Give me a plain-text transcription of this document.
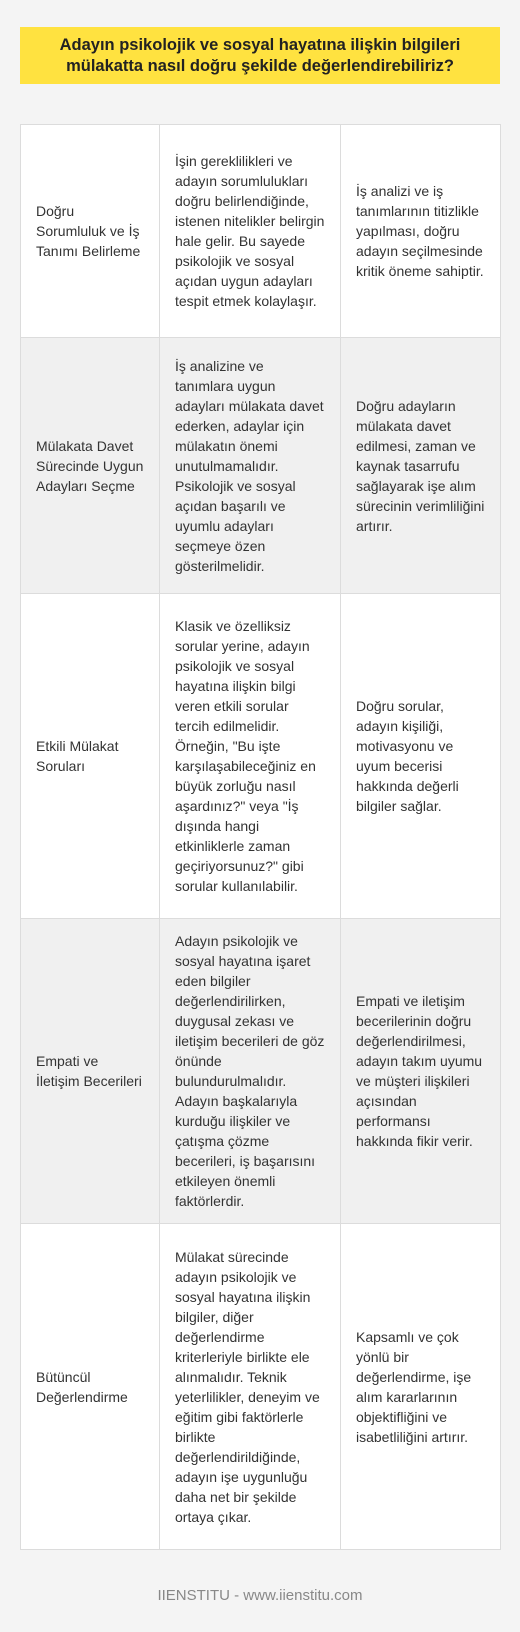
Adayın psikolojik ve sosyal hayatına ilişkin bilgileri mülakatta nasıl doğru şekilde değerlendirebiliriz?
Doğru Sorumluluk ve İş Tanımı Belirleme	İşin gereklilikleri ve adayın sorumlulukları doğru belirlendiğinde, istenen nitelikler belirgin hale gelir. Bu sayede psikolojik ve sosyal açıdan uygun adayları tespit etmek kolaylaşır.	İş analizi ve iş tanımlarının titizlikle yapılması, doğru adayın seçilmesinde kritik öneme sahiptir.
Mülakata Davet Sürecinde Uygun Adayları Seçme	İş analizine ve tanımlara uygun adayları mülakata davet ederken, adaylar için mülakatın önemi unutulmamalıdır. Psikolojik ve sosyal açıdan başarılı ve uyumlu adayları seçmeye özen gösterilmelidir.	Doğru adayların mülakata davet edilmesi, zaman ve kaynak tasarrufu sağlayarak işe alım sürecinin verimliliğini artırır.
Etkili Mülakat Soruları	Klasik ve özelliksiz sorular yerine, adayın psikolojik ve sosyal hayatına ilişkin bilgi veren etkili sorular tercih edilmelidir. Örneğin, "Bu işte karşılaşabileceğiniz en büyük zorluğu nasıl aşardınız?" veya "İş dışında hangi etkinliklerle zaman geçiriyorsunuz?" gibi sorular kullanılabilir.	Doğru sorular, adayın kişiliği, motivasyonu ve uyum becerisi hakkında değerli bilgiler sağlar.
Empati ve İletişim Becerileri	Adayın psikolojik ve sosyal hayatına işaret eden bilgiler değerlendirilirken, duygusal zekası ve iletişim becerileri de göz önünde bulundurulmalıdır. Adayın başkalarıyla kurduğu ilişkiler ve çatışma çözme becerileri, iş başarısını etkileyen önemli faktörlerdir.	Empati ve iletişim becerilerinin doğru değerlendirilmesi, adayın takım uyumu ve müşteri ilişkileri açısından performansı hakkında fikir verir.
Bütüncül Değerlendirme	Mülakat sürecinde adayın psikolojik ve sosyal hayatına ilişkin bilgiler, diğer değerlendirme kriterleriyle birlikte ele alınmalıdır. Teknik yeterlilikler, deneyim ve eğitim gibi faktörlerle birlikte değerlendirildiğinde, adayın işe uygunluğu daha net bir şekilde ortaya çıkar.	Kapsamlı ve çok yönlü bir değerlendirme, işe alım kararlarının objektifliğini ve isabetliliğini artırır.
IIENSTITU - www.iienstitu.com
